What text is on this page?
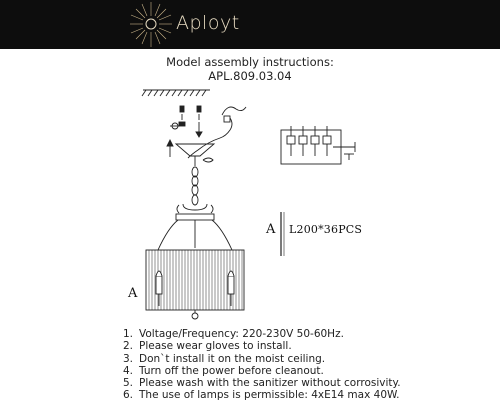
Aployt
Model assembly instructions:
APL.809.03.04
A
A L200*36PCS
1. Voltage/Frequency: 220-230V 50-60Hz.
2. Please wear gloves to install.
3. Don`t install it on the moist ceiling.
4. Turn off the power before cleanout.
5. Please wash with the sanitizer without corrosivity.
6. The use of lamps is permissible: 4xE14 max 40W.
